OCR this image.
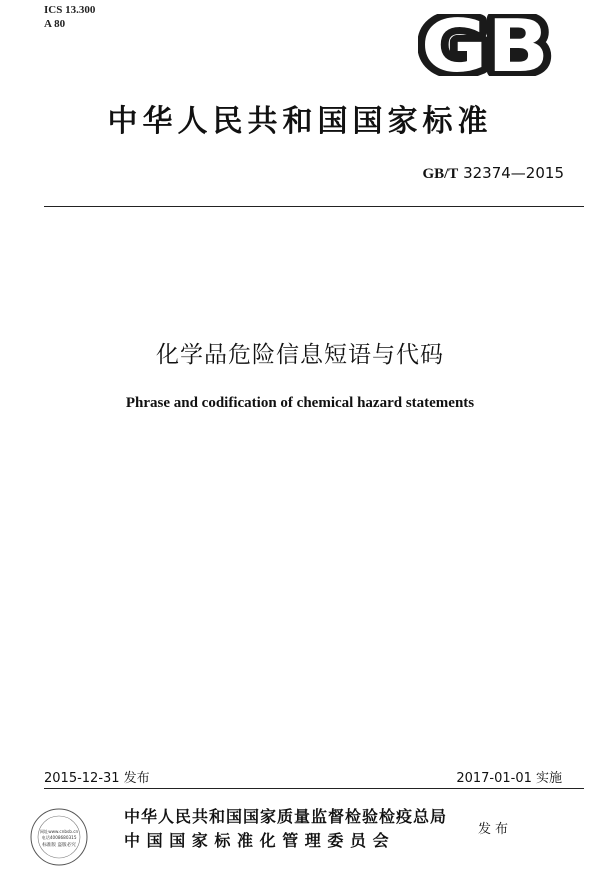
ICS 13.300
A 80	GB
中华人民共和国国家标准
GB/T 32374—2015
化学品危险信息短语与代码
Phrase and codification of chemical hazard statements
2015-12-31 发布	2017-01-01 实施
网址www.cnbsb.cn
电话4008680315
标准版 盗版必究
中华人民共和国国家质量监督检验检疫总局
中国国家标准化管理委员会
发布
